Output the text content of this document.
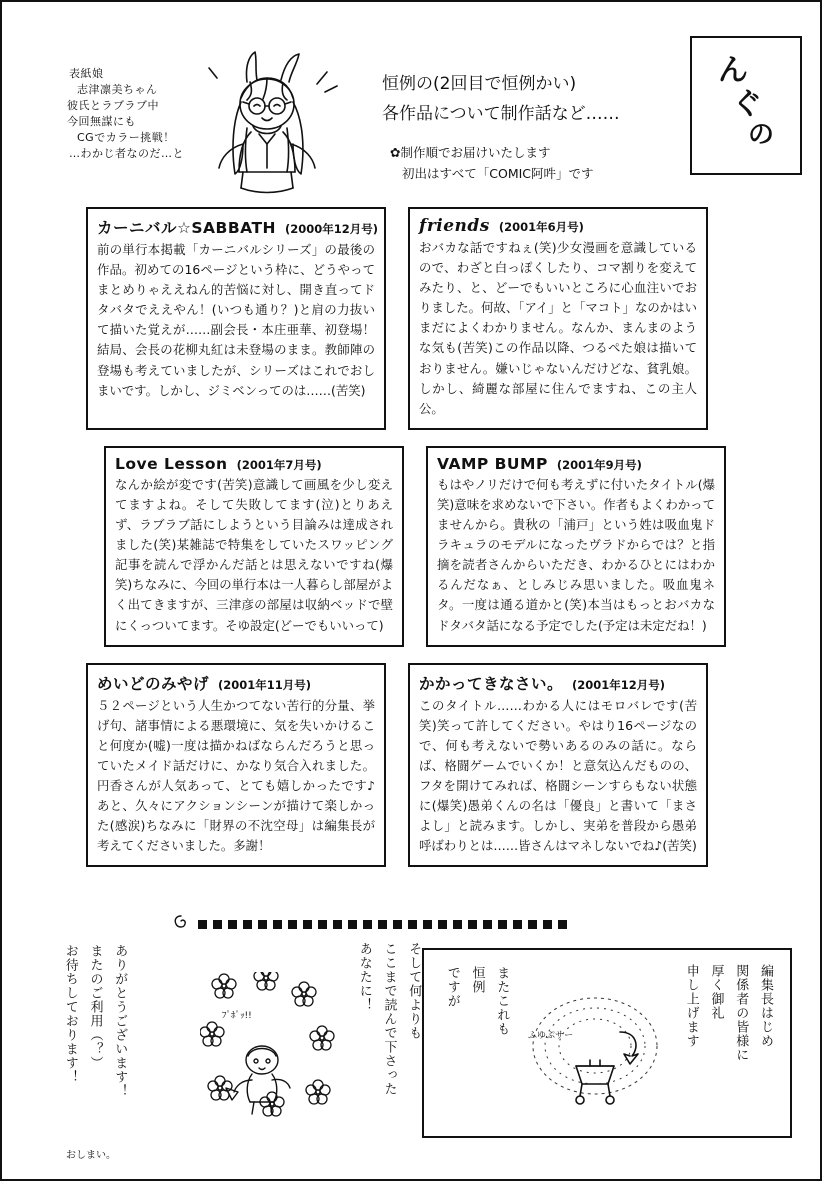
表紙娘
志津凛美ちゃん
彼氏とラブラブ中
今回無謀にも
CGでカラー挑戦！
…わかじ者なのだ…と
恒例の(2回目で恒例かい)
各作品について制作話など……
✿制作順でお届けいたします
初出はすべて「COMIC阿吽」です
ん
ぐ
の
カーニバル☆SABBATH (2000年12月号)
前の単行本掲載「カーニバルシリーズ」の最後の作品。初めての16ページという枠に、どうやってまとめりゃええねん的苦悩に対し、開き直ってドタバタでええやん！(いつも通り？)と肩の力抜いて描いた覚えが……副会長・本庄亜華、初登場！結局、会長の花柳丸紅は未登場のまま。教師陣の登場も考えていましたが、シリーズはこれでおしまいです。しかし、ジミベンってのは……(苦笑)
friends (2001年6月号)
おバカな話ですねぇ(笑)少女漫画を意識しているので、わざと白っぽくしたり、コマ割りを変えてみたり、と、どーでもいいところに心血注いでおりました。何故、「アイ」と「マコト」なのかはいまだによくわかりません。なんか、まんまのような気も(苦笑)この作品以降、つるぺた娘は描いておりません。嫌いじゃないんだけどな、貧乳娘。しかし、綺麗な部屋に住んでますね、この主人公。
Love Lesson (2001年7月号)
なんか絵が変です(苦笑)意識して画風を少し変えてますよね。そして失敗してます(泣)とりあえず、ラブラブ話にしようという目論みは達成されました(笑)某雑誌で特集をしていたスワッピング記事を読んで浮かんだ話とは思えないですね(爆笑)ちなみに、今回の単行本は一人暮らし部屋がよく出てきますが、三津彦の部屋は収納ベッドで壁にくっついてます。そゆ設定(どーでもいいって)
VAMP BUMP (2001年9月号)
もはやノリだけで何も考えずに付いたタイトル(爆笑)意味を求めないで下さい。作者もよくわかってませんから。貴秋の「浦戸」という姓は吸血鬼ドラキュラのモデルになったヴラドからでは？と指摘を読者さんからいただき、わかるひとにはわかるんだなぁ、としみじみ思いました。吸血鬼ネタ。一度は通る道かと(笑)本当はもっとおバカなドタバタ話になる予定でした(予定は未定だね！)
めいどのみやげ (2001年11月号)
５２ページという人生かつてない苦行的分量、挙げ句、諸事情による悪環境に、気を失いかけること何度か(嘘)一度は描かねばならんだろうと思っていたメイド話だけに、かなり気合入れました。円香さんが人気あって、とても嬉しかったです♪あと、久々にアクションシーンが描けて楽しかった(感涙)ちなみに「財界の不沈空母」は編集長が考えてくださいました。多謝！
かかってきなさい。 (2001年12月号)
このタイトル……わかる人にはモロバレです(苦笑)笑って許してください。やはり16ページなので、何も考えないで勢いあるのみの話に。ならば、格闘ゲームでいくか！と意気込んだものの、フタを開けてみれば、格闘シーンすらもない状態に(爆笑)愚弟くんの名は「優良」と書いて「まさよし」と読みます。しかし、実弟を普段から愚弟呼ばわりとは……皆さんはマネしないでね♪(苦笑)
ありがとうございます！
またのご利用（？）
お待ちしております！
おしまい。
ﾌﾟﾎﾟｯ!!	そして何よりも
ここまで読んで下さった
あなたに！	編集長はじめ
関係者の皆様に
厚く御礼
申し上げます
またこれも
恒例
ですが
ふゆぷサー
